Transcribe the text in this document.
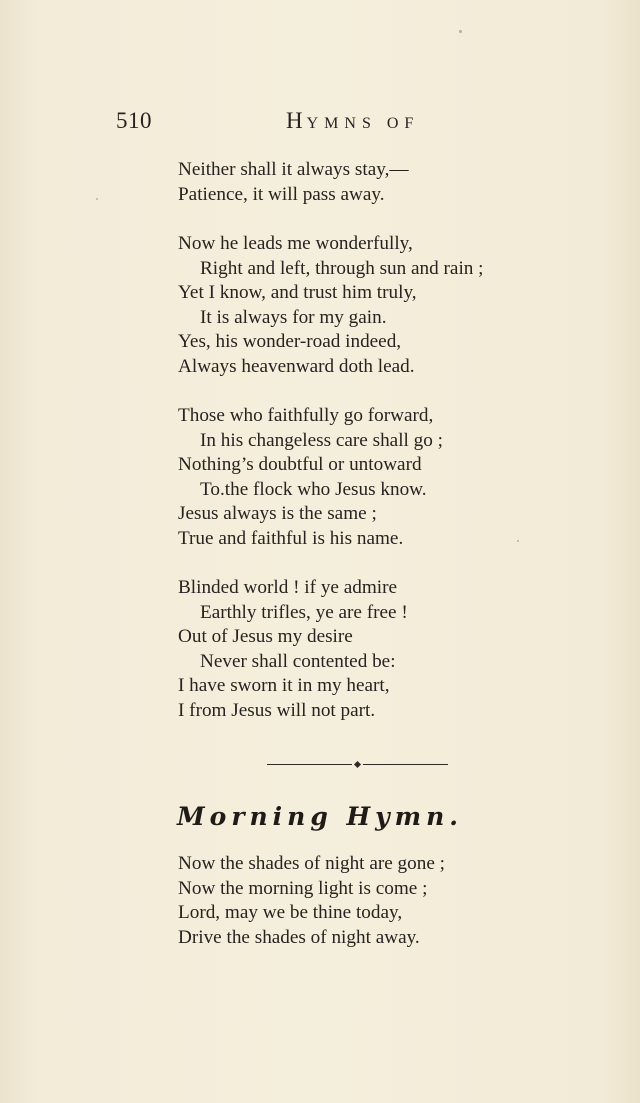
510	HYMNS OF
Neither shall it always stay,—
Patience, it will pass away.
Now he leads me wonderfully,
Right and left, through sun and rain ;
Yet I know, and trust him truly,
It is always for my gain.
Yes, his wonder-road indeed,
Always heavenward doth lead.
Those who faithfully go forward,
In his changeless care shall go ;
Nothing’s doubtful or untoward
To.the flock who Jesus know.
Jesus always is the same ;
True and faithful is his name.
Blinded world ! if ye admire
Earthly trifles, ye are free !
Out of Jesus my desire
Never shall contented be:
I have sworn it in my heart,
I from Jesus will not part.
Morning Hymn.
Now the shades of night are gone ;
Now the morning light is come ;
Lord, may we be thine today,
Drive the shades of night away.
